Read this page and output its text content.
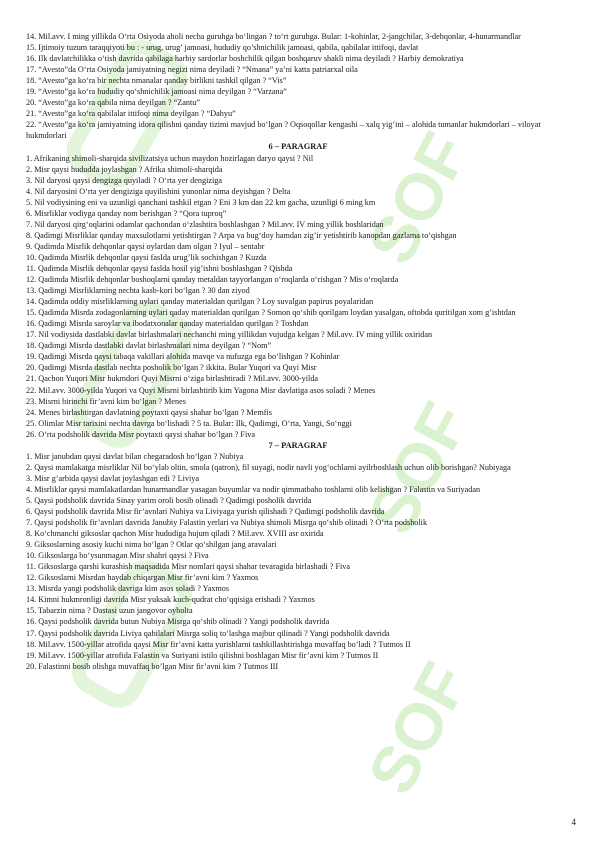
SOF
SOF
SOF
14. Mil.avv. I ming yillikda O‘rta Osiyoda aholi necha guruhga bo‘lingan ? to‘rt guruhga. Bular: 1-kohinlar, 2-jangchilar, 3-dehqonlar, 4-hunarmandlar
15. Ijtimoiy tuzum taraqqiyoti bu : - urug, urug’ jamoasi, hududiy qo’shnichilik jamoasi, qabila, qabilalar ittifoqi, davlat
16. Ilk davlatchilikka o‘tish davrida qabilaga harbiy sardorlar boshchilik qilgan boshqaruv shakli nima deyiladi ? Harbiy demokratiya
17. “Avesto”da O‘rta Osiyoda jamiyatning negizi nima deyiladi ? “Nmana” ya’ni katta patriarxal oila
18. “Avesto”ga ko‘ra bir nechta nmanalar qanday birlikni tashkil qilgan ? “Vis”
19. “Avesto”ga ko‘ra hududiy qo‘shnichilik jamoasi nima deyilgan ? “Varzana”
20. “Avesto”ga ko‘ra qabila nima deyilgan ? “Zantu”
21. “Avesto”ga ko‘ra qabilalar ittifoqi nima deyilgan ? “Dahyu”
22. “Avesto”ga ko‘ra jamiyatning idora qilishni qanday tizimi mavjud bo‘lgan ? Oqsoqollar kengashi – xalq yig‘ini – alohida tumanlar hukmdorlari – viloyat hukmdorlari
6 – PARAGRAF
1. Afrikaning shimoli-sharqida sivilizatsiya uchun maydon hozirlagan daryo qaysi ? Nil
2. Misr qaysi hududda joylashgan ? Afrika shimoli-sharqida
3. Nil daryosi qaysi dengizga quyiladi ? O‘rta yer dengiziga
4. Nil daryosini O‘rta yer dengiziga quyilishini yunonlar nima deyishgan ? Delta
5. Nil vodiysining eni va uzunligi qanchani tashkil etgan ? Eni 3 km dan 22 km gacha, uzunligi 6 ming km
6. Misrliklar vodiyga qanday nom berishgan ? “Qora tuproq”
7. Nil daryosi qirg‘oqlarini odamlar qachondan o‘zlashtira boshlashgan ? Mil.avv. IV ming yillik boshlaridan
8. Qadimgi Misrliklar qanday maxsulotlarni yetishtirgan ? Arpa va bug‘doy hamdan zig’ir yetishtirib kanopdan gazlama to‘qishgan
9. Qadimda Misrlik dehqonlar qaysi oylardan dam olgan ? Iyul – sentabr
10. Qadimda Misrlik dehqonlar qaysi fasIda urug’lik sochishgan ? Kuzda
11. Qadimda Misrlik dehqonlar qaysi faslda hosil yig’ishni boshlashgan ? Qishda
12. Qadimda Misrlik dehqonlar boshoqlarni qanday metaldan tayyorlangan o‘roqlarda o‘rishgan ? Mis o‘roqlarda
13. Qadimgi Misrliklarning nechta kasb-kori bo‘lgan ? 30 dan ziyod
14. Qadimda oddiy misrliklarning uylari qanday materialdan qurilgan ? Loy suvalgan papirus poyalaridan
15. Qadimda Misrda zodagonlarning uylari qaday materialdan qurilgan ? Somon qo‘shib qorilgam loydan yasalgan, oftobda quritilgan xom g’ishtdan
16. Qadimgi Misrda saroylar va ibodatxonalar qanday materialdan qurilgan ? Toshdan
17. Nil vodiysida dastlabki davlat birlashmalari nechanchi ming yillikdan vujudga kelgan ? Mil.avv. IV ming yillik oxiridan
18. Qadimgi Misrda dastlabki davlat birlashmalari nima deyilgan ? “Nom”
19. Qadimgi Misrda qaysi tabaqa vakillari alohida mavqe va nufuzga ega bo‘lishgan ? Kohinlar
20. Qadimgi Misrda dastlab nechta posholik bo‘lgan ? ikkita. Bular Yuqori va Quyi Misr
21. Qachon Yuqori Misr hukmdori Quyi Misrni o‘ziga birlashtiradi ? Mil.avv. 3000-yilda
22. Mil.avv. 3000-yilda Yuqori va Quyi Misrni birlashtirib kim Yagona Misr davlatiga asos soladi ? Menes
23. Misrni birinchi fir’avni kim bo‘lgan ? Menes
24. Menes birlashtirgan davlatning poytaxti qaysi shahar bo‘lgan ? Memfis
25. Olimlar Misr tarixini nechta davrga bo‘lishadi ? 5 ta. Bular: Ilk, Qadimgi, O‘rta, Yangi, So‘nggi
26. O‘rta podsholik davrida Misr poytaxti qaysi shahar bo‘lgan ? Fiva
7 – PARAGRAF
1. Misr janubdan qaysi davlat bilan chegaradosh bo‘lgan ? Nubiya
2. Qaysi mamlakatga misrliklar Nil bo‘ylab oltin, smola (qatron), fil suyagi, nodir navli yog‘ochlarni ayilrboshlash uchun olib borishgan? Nubiyaga
3. Misr g’arbida qaysi davlat joylashgan edi ? Liviya
4. Misrliklar qaysi mamlakatlardan hunarmandlar yasagan buyumlar va nodir qimmatbaho toshlarni olib kelishgan ? Falastin va Suriyadan
5. Qaysi podsholik davrida Sinay yarim oroli bosib olinadi ? Qadimgi posholik davrida
6. Qaysi podsholik davrida Misr fir’avnlari Nubiya va Liviyaga yurish qilishadi ? Qadimgi podsholik davrida
7. Qaysi podsholik fir’avnlari davrida Janubiy Falastin yerlari va Nubiya shimoli Misrga qo‘shib olinadi ? O‘rta podsholik
8. Ko‘chmanchi giksoslar qachon Misr hududiga hujum qiladi ? Mil.avv. XVIII asr oxirida
9. Giksoslarning asosiy kuchi nima bo‘lgan ? Otlar qo‘shilgan jang aravalari
10. Giksoslarga bo‘ysunmagan Misr shahri qaysi ? Fiva
11. Giksoslarga qarshi kurashish maqsadida Misr nomlari qaysi shahar tevaragida birlashadi ? Fiva
12. Giksoslarni Misrdan haydab chiqargan Misr fir’avni kim ? Yaxmos
13. Misrda yangi podsholik davriga kim asos soladi ? Yaxmos
14. Kimni hukmronligi davrida Misr yuksak kuch-qudrat cho‘qqisiga erishadi ? Yaxmos
15. Tabarzin nima ? Dastasi uzun jangovor oybolta
16. Qaysi podsholik davrida butun Nubiya Misrga qo‘shib olinadi ? Yangi podsholik davrida
17. Qaysi podsholik davrida Liviya qabilalari Misrga soliq to‘lashga majbur qilinadi ? Yangi podsholik davrida
18. Mil.avv. 1500-yillar atrofida qaysi Misr fir’avni katta yurishlarni tashkillashtirishga muvaffaq bo’ladi ? Tutmos II
19. Mil.avv. 1500-yillar atrofida Falastin va Suriyani istilo qilishni boshlagan Misr fir’avni kim ? Tutmos II
20. Falastinni bosib olishga muvaffaq bo’lgan Misr fir’avni kim ? Tutmos III
4
